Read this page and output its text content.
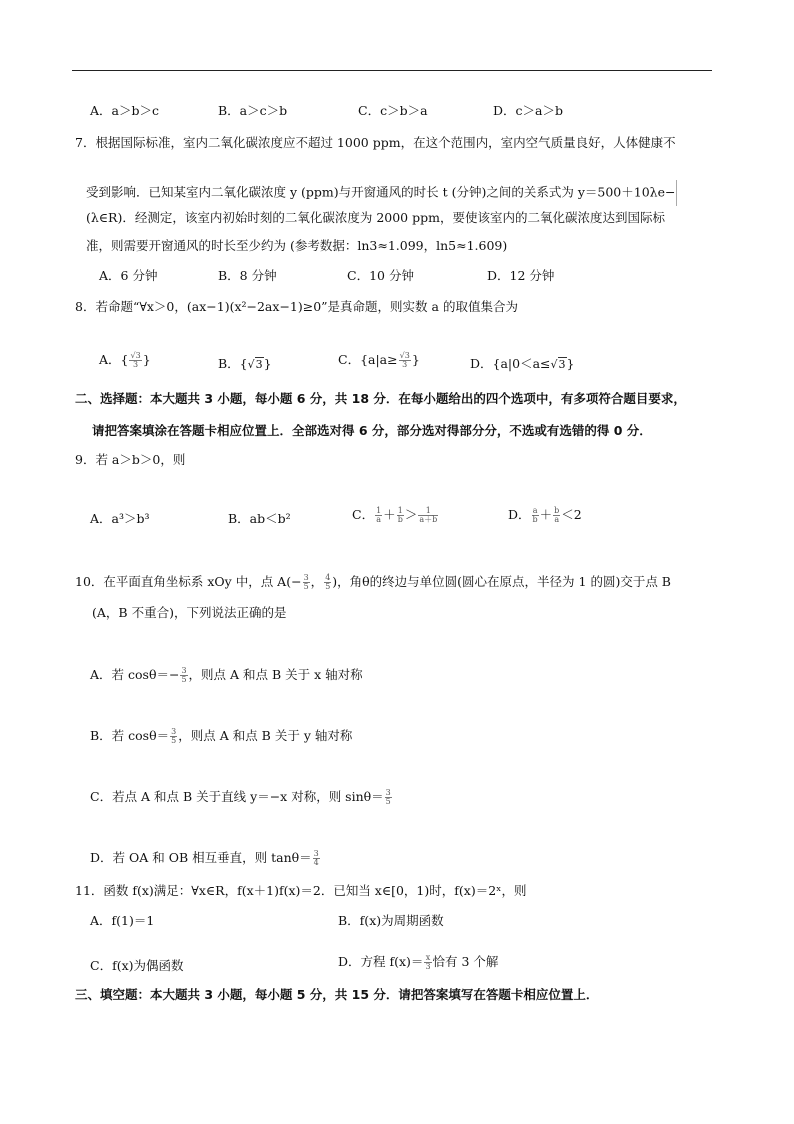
A．a＞b＞c	B．a＞c＞b	C．c＞b＞a	D．c＞a＞b
7．根据国际标准，室内二氧化碳浓度应不超过 1000 ppm，在这个范围内，室内空气质量良好，人体健康不
受到影响．已知某室内二氧化碳浓度 y (ppm)与开窗通风的时长 t (分钟)之间的关系式为 y＝500＋10λe−
(λ∈R)．经测定，该室内初始时刻的二氧化碳浓度为 2000 ppm，要使该室内的二氧化碳浓度达到国际标
准，则需要开窗通风的时长至少约为 (参考数据：ln3≈1.099，ln5≈1.609)
A．6 分钟	B．8 分钟	C．10 分钟	D．12 分钟
8．若命题“∀x＞0，(ax−1)(x²−2ax−1)≥0”是真命题，则实数 a 的取值集合为
A．{ $\frac{√3}{3}$ }	B．{√3}	C．{$a|a\ge \frac{√3}{3}$ }	D．{a|0＜a≤√3}
二、选择题：本大题共 3 小题，每小题 6 分，共 18 分．在每小题给出的四个选项中，有多项符合题目要求，
请把答案填涂在答题卡相应位置上．全部选对得 6 分，部分选对得部分分，不选或有选错的得 0 分．
9．若 a＞b＞0，则
A．a³＞b³	B．ab＜b²	C． $\frac{1}{a} + \frac{1}{b} > \frac{1}{a+b}$	D． $\frac{a}{b} + \frac{b}{a} <2$
10．在平面直角坐标系 xOy 中，点 $A(- \frac{3}{5}$ ， $\frac{4}{5}$ )，角θ的终边与单位圆(圆心在原点，半径为 1 的圆)交于点 B
(A，B 不重合)，下列说法正确的是
A．若 $\cos\theta=- \frac{3}{5}$ ，则点 A 和点 B 关于 x 轴对称
B．若 $\cos\theta= \frac{3}{5}$ ，则点 A 和点 B 关于 y 轴对称
C．若点 A 和点 B 关于直线 y＝−x 对称，则 $\sin\theta= \frac{3}{5}$
D．若 OA 和 OB 相互垂直，则 $\tan\theta= \frac{3}{4}$
11．函数 f(x)满足：∀x∈R，f(x＋1)f(x)＝2．已知当 x∈[0，1)时，f(x)＝2ˣ，则
A．f(1)＝1	B．f(x)为周期函数
C．f(x)为偶函数	D．方程 $f(x)= \frac{x}{3}$ 恰有 3 个解
三、填空题：本大题共 3 小题，每小题 5 分，共 15 分．请把答案填写在答题卡相应位置上．
